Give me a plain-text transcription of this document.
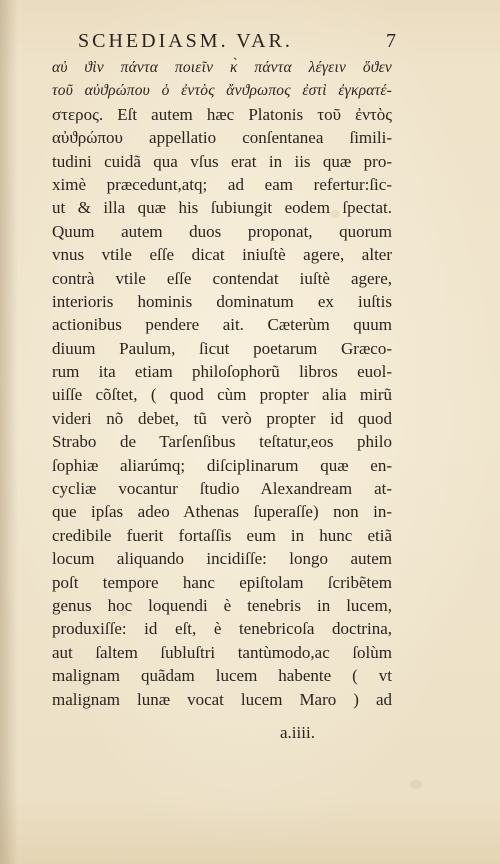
SCHEDIASM. VAR.	7
αὐ ϑὶν πάντα ποιεῖν κ̀ πάντα λέγειν ὅϑεν
τοῦ αὐϑρώπου ὁ ἐντὸς ἄνϑρωπος ἐστὶ ἐγκρατέ-
στερος. Eſt autem hæc Platonis τοῦ ἐντὸς
αὐϑρώπου appellatio conſentanea ſimili-
tudini cuidã qua vſus erat in iis quæ pro-
ximè præcedunt,atq; ad eam refertur:ſic-
ut & illa quæ his ſubiungit eodem ſpectat.
Quum autem duos proponat, quorum
vnus vtile eſſe dicat iniuſtè agere, alter
contrà vtile eſſe contendat iuſtè agere,
interioris hominis dominatum ex iuſtis
actionibus pendere ait. Cæterùm quum
diuum Paulum, ſicut poetarum Græco-
rum ita etiam philoſophorũ libros euol-
uiſſe cõſtet, ( quod cùm propter alia mirũ
videri nõ debet, tũ verò propter id quod
Strabo de Tarſenſibus teſtatur,eos philo
ſophiæ aliarúmq; diſciplinarum quæ en-
cycliæ vocantur ſtudio Alexandream at-
que ipſas adeo Athenas ſuperaſſe) non in-
credibile fuerit fortaſſis eum in hunc etiã
locum aliquando incidiſſe: longo autem
poſt tempore hanc epiſtolam ſcribẽtem
genus hoc loquendi è tenebris in lucem,
produxiſſe: id eſt, è tenebricoſa doctrina,
aut ſaltem ſubluſtri tantùmodo,ac ſolùm
malignam quãdam lucem habente ( vt
malignam lunæ vocat lucem Maro ) ad
a.iiii.
